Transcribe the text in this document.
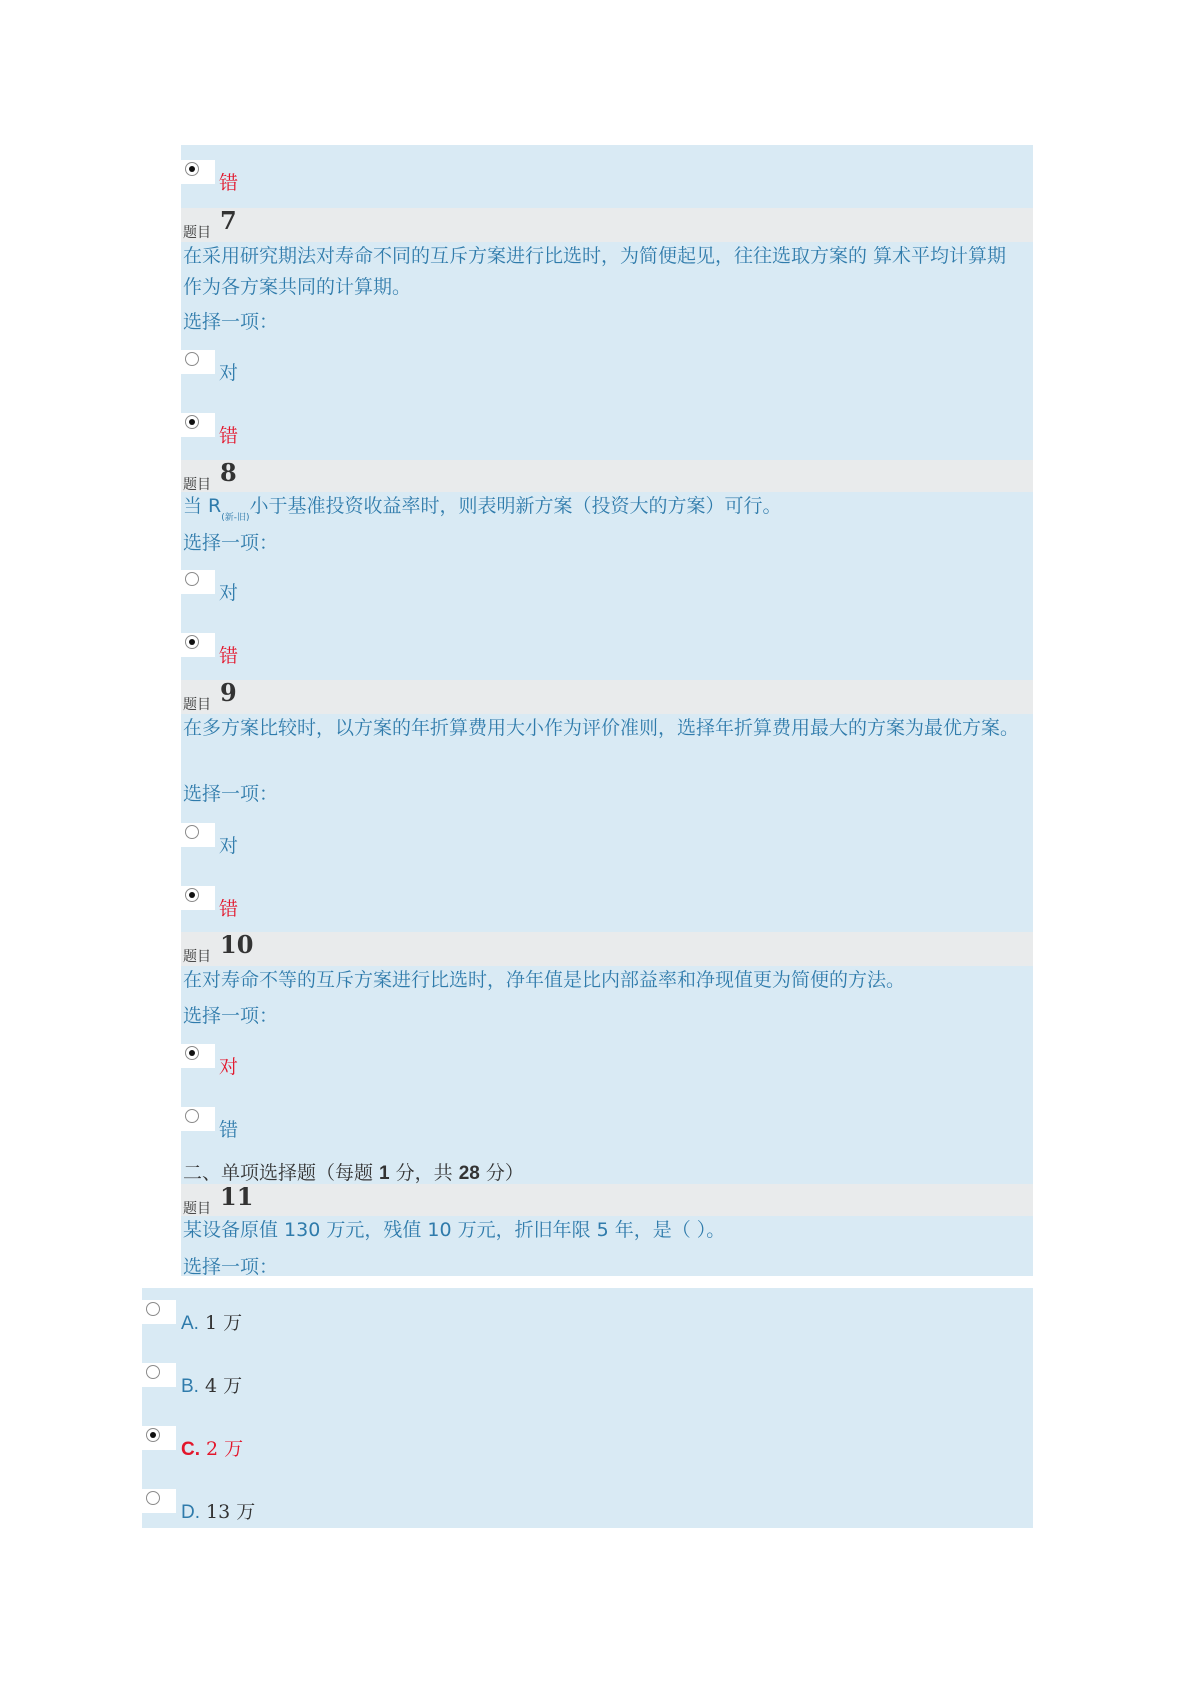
错
题目 7
在采用研究期法对寿命不同的互斥方案进行比选时，为简便起见，往往选取方案的 算术平均计算期作为各方案共同的计算期。
选择一项：
对
错
题目 8
当 $R_{(新-旧)}$小于基准投资收益率时，则表明新方案（投资大的方案）可行。
选择一项：
对
错
题目 9
在多方案比较时，以方案的年折算费用大小作为评价准则，选择年折算费用最大的方案为最优方案。
选择一项：
对
错
题目 10
在对寿命不等的互斥方案进行比选时，净年值是比内部益率和净现值更为简便的方法。
选择一项：
对
错
二、单项选择题（每题 1 分，共 28 分）
题目 11
某设备原值 130 万元，残值 10 万元，折旧年限 5 年，是（ ）。
选择一项：
A. 1 万
B. 4 万
C. 2 万
D. 13 万
